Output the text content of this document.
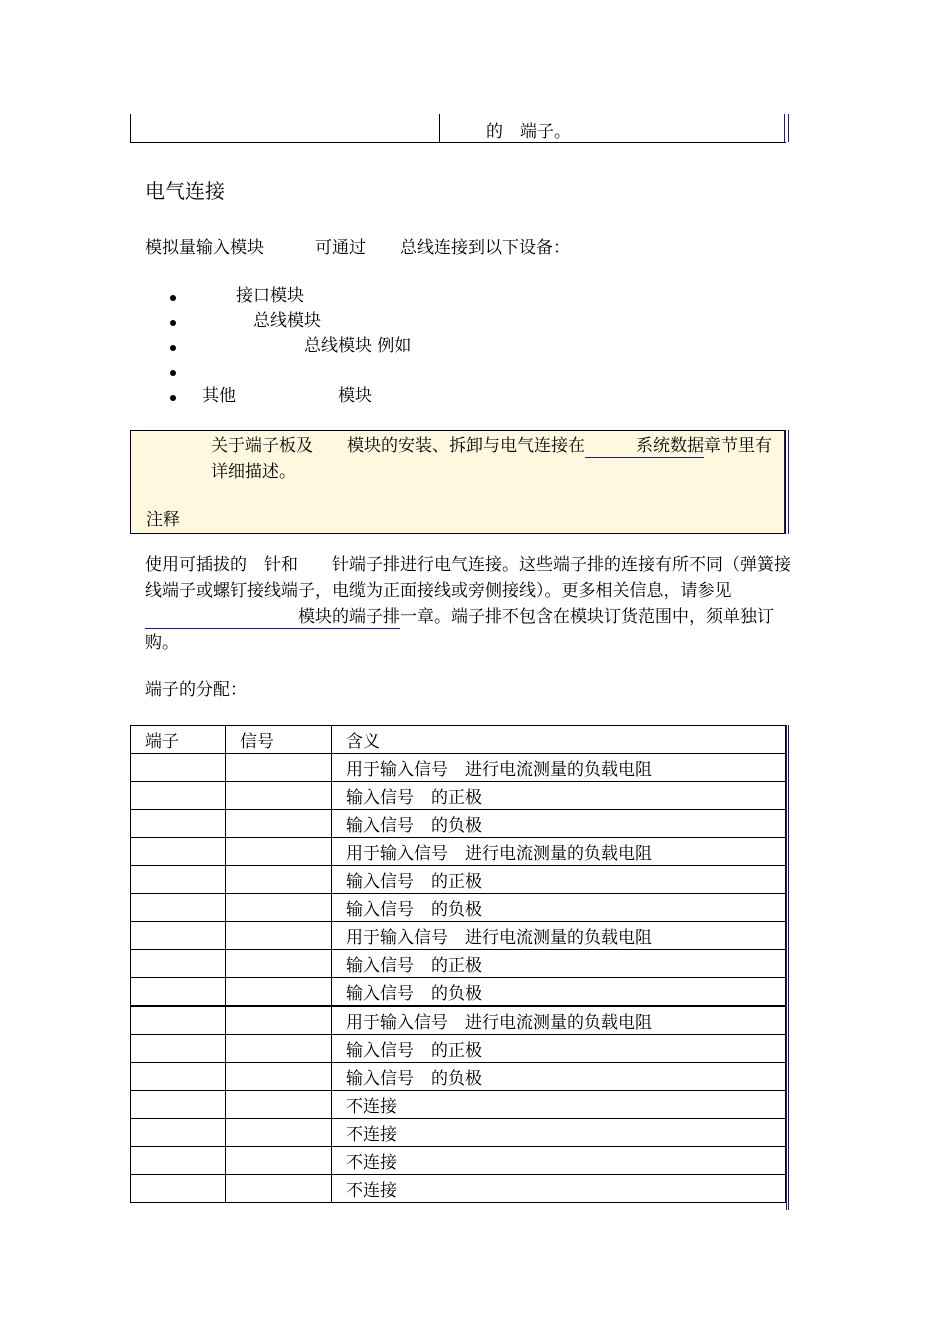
的　端子。
电气连接
模拟量输入模块　　　可通过　　总线连接到以下设备：
　　接口模块
　　　总线模块
　　　　　　总线模块 例如
其他　　　　　　模块
关于端子板及　　模块的安装、拆卸与电气连接在　　　系统数据章节里有详细描述。
注释
使用可插拔的　针和　　针端子排进行电气连接。这些端子排的连接有所不同（弹簧接线端子或螺钉接线端子，电缆为正面接线或旁侧接线）。更多相关信息，请参见　　　　　　　　　模块的端子排一章。端子排不包含在模块订货范围中，须单独订购。
端子的分配：
端子	信号	含义
		用于输入信号　进行电流测量的负载电阻
		输入信号　的正极
		输入信号　的负极
		用于输入信号　进行电流测量的负载电阻
		输入信号　的正极
		输入信号　的负极
		用于输入信号　进行电流测量的负载电阻
		输入信号　的正极
		输入信号　的负极
		用于输入信号　进行电流测量的负载电阻
		输入信号　的正极
		输入信号　的负极
		不连接
		不连接
		不连接
		不连接
